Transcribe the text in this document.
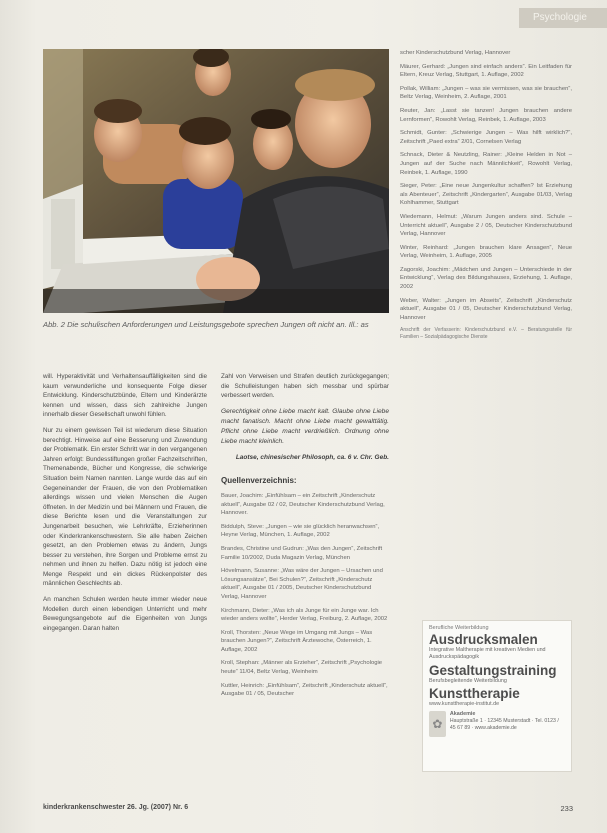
Psychologie
Abb. 2 Die schulischen Anforderungen und Leistungsgebote sprechen Jungen oft nicht an. Ill.: as

will. Hyperaktivität und Verhaltensauffälligkeiten sind die kaum verwunderliche und konsequente Folge dieser Entwicklung. Kinderschutzbünde, Eltern und Kinderärzte kennen und wissen, dass sich zahlreiche Jungen innerhalb dieser Gesellschaft unwohl fühlen.

Nur zu einem gewissen Teil ist wiederum diese Situation berechtigt. Hinweise auf eine Besserung und Zuwendung der Problematik. Ein erster Schritt war in den vergangenen Jahren erfolgt: Bundesstiftungen großer Fachzeitschriften, Themenabende, Bücher und Kongresse, die schwierige Situation beim Namen nannten. Lange wurde das auf ein Gegeneinander der Frauen, die von den Problematiken allerdings wissen und vielen Menschen die Augen öffneten. In der Medizin und bei Männern und Frauen, die diese Berichte lesen und die Veranstaltungen zur Jungenarbeit besuchen, wie Lehrkräfte, Erzieherinnen oder Kinderkrankenschwestern. Sie alle haben Zeichen gesetzt, an den Problemen etwas zu ändern, Jungs besser zu verstehen, ihre Sorgen und Probleme ernst zu nehmen und ihnen zu helfen. Dazu nötig ist jedoch eine Menge Respekt und ein dickes Rückenpolster des männlichen Geschlechts ab.

An manchen Schulen werden heute immer wieder neue Modellen durch einen lebendigen Unterricht und mehr Bewegungsangebote auf die Eigenheiten von Jungs eingegangen. Daran halten

Zahl von Verweisen und Strafen deutlich zurückgegangen; die Schulleistungen haben sich messbar und spürbar verbessert werden.

Gerechtigkeit ohne Liebe macht kalt. Glaube ohne Liebe macht fanatisch. Macht ohne Liebe macht gewalttätig. Pflicht ohne Liebe macht verdrießlich. Ordnung ohne Liebe macht kleinlich.
Laotse, chinesischer Philosoph, ca. 6 v. Chr. Geb.
Quellenverzeichnis:
Bauer, Joachim: „Einfühlsam – ein Zeitschrift „Kinderschutz aktuell“, Ausgabe 02 / 02, Deutscher Kinderschutzbund Verlag, Hannover.
Biddulph, Steve: „Jungen – wie sie glücklich heranwachsen“, Heyne Verlag, München, 1. Auflage, 2002
Brandes, Christine und Gudrun: „Was den Jungen“, Zeitschrift Familie 10/2002, Duda Magazin Verlag, München
Hövelmann, Susanne: „Was wäre der Jungen – Ursachen und Lösungsansätze“, Bei Schulen?“, Zeitschrift „Kinderschutz aktuell“, Ausgabe 01 / 2005, Deutscher Kinderschutzbund Verlag, Hannover
Kirchmann, Dieter: „Was ich als Junge für ein Junge war. Ich wieder anders wollte“, Herder Verlag, Freiburg, 2. Auflage, 2002
Kroll, Thorsten: „Neue Wege im Umgang mit Jungs – Was brauchen Jungen?“, Zeitschrift Ärztewoche, Österreich, 1. Auflage, 2002
Kroll, Stephan: „Männer als Erzieher“, Zeitschrift „Psychologie heute“ 11/04, Beltz Verlag, Weinheim
Kuttler, Heinrich: „Einfühlsam“, Zeitschrift „Kinderschutz aktuell“, Ausgabe 01 / 05, Deutscher
scher Kinderschutzbund Verlag, Hannover
Mäurer, Gerhard: „Jungen sind einfach anders“. Ein Leitfaden für Eltern, Kreuz Verlag, Stuttgart, 1. Auflage, 2002
Pollak, William: „Jungen – was sie vermissen, was sie brauchen“, Beltz Verlag, Weinheim, 2. Auflage, 2001
Reuter, Jan: „Lasst sie tanzen! Jungen brauchen andere Lernformen“, Rowohlt Verlag, Reinbek, 1. Auflage, 2003
Schmidt, Gunter: „Schwierige Jungen – Was hilft wirklich?“, Zeitschrift „Paed extra“ 2/01, Cornelsen Verlag
Schnack, Dieter & Neutzling, Rainer: „Kleine Helden in Not – Jungen auf der Suche nach Männlichkeit“, Rowohlt Verlag, Reinbek, 1. Auflage, 1990
Sieger, Peter: „Eine neue Jungenkultur schaffen? Ist Erziehung als Abenteuer“, Zeitschrift „Kindergarten“, Ausgabe 01/03, Verlag Kohlhammer, Stuttgart
Wiedemann, Helmut: „Warum Jungen anders sind. Schule – Unterricht aktuell“, Ausgabe 2 / 05, Deutscher Kinderschutzbund Verlag, Hannover
Winter, Reinhard: „Jungen brauchen klare Ansagen“, Neue Verlag, Weinheim, 1. Auflage, 2005
Zagorski, Joachim: „Mädchen und Jungen – Unterschiede in der Entwicklung“, Verlag des Bildungshauses, Erziehung, 1. Auflage, 2002
Weber, Walter: „Jungen im Abseits“, Zeitschrift „Kinderschutz aktuell“, Ausgabe 01 / 05, Deutscher Kinderschutzbund Verlag, Hannover
Anschrift der Verfasserin: Kinderschutzbund e.V. – Beratungsstelle für Familien – Sozialpädagogische Dienste
Berufliche Weiterbildung
Ausdrucksmalen
Integrative Maltherapie mit kreativen Medien und Ausdruckspädagogik
Gestaltungstraining
Berufsbegleitende Weiterbildung
Kunsttherapie
www.kunsttherapie-institut.de
✿
Akademie
Hauptstraße 1 · 12345 Musterstadt · Tel. 0123 / 45 67 89 · www.akademie.de
kinderkrankenschwester 26. Jg. (2007) Nr. 6	233
